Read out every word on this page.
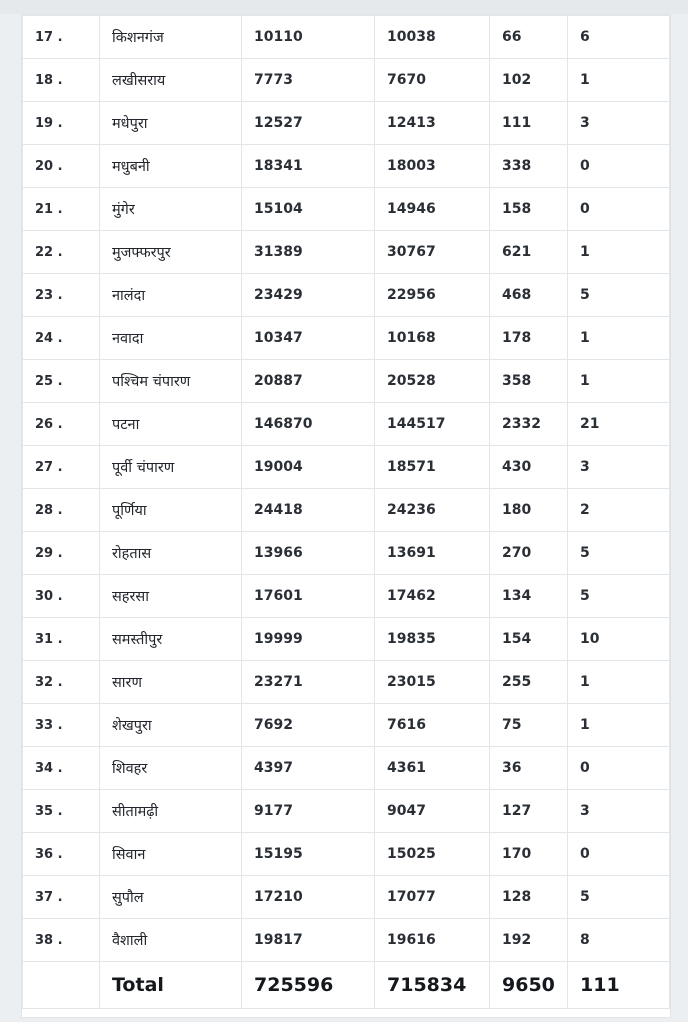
17 .	किशनगंज	10110	10038	66	6
18 .	लखीसराय	7773	7670	102	1
19 .	मधेपुरा	12527	12413	111	3
20 .	मधुबनी	18341	18003	338	0
21 .	मुंगेर	15104	14946	158	0
22 .	मुजफ्फरपुर	31389	30767	621	1
23 .	नालंदा	23429	22956	468	5
24 .	नवादा	10347	10168	178	1
25 .	पश्चिम चंपारण	20887	20528	358	1
26 .	पटना	146870	144517	2332	21
27 .	पूर्वी चंपारण	19004	18571	430	3
28 .	पूर्णिया	24418	24236	180	2
29 .	रोहतास	13966	13691	270	5
30 .	सहरसा	17601	17462	134	5
31 .	समस्तीपुर	19999	19835	154	10
32 .	सारण	23271	23015	255	1
33 .	शेखपुरा	7692	7616	75	1
34 .	शिवहर	4397	4361	36	0
35 .	सीतामढ़ी	9177	9047	127	3
36 .	सिवान	15195	15025	170	0
37 .	सुपौल	17210	17077	128	5
38 .	वैशाली	19817	19616	192	8
	Total	725596	715834	9650	111
